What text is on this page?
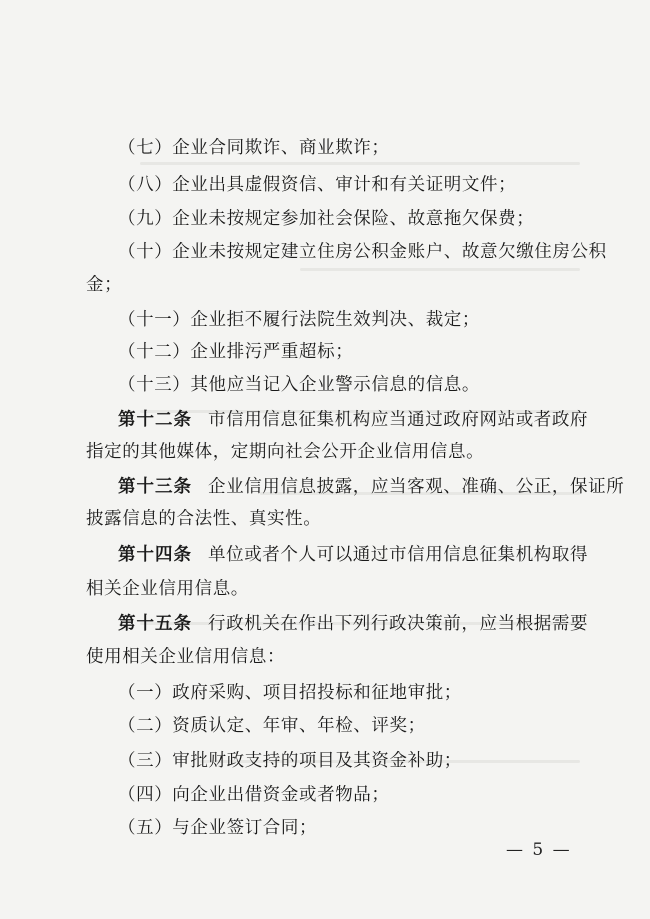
（七）企业合同欺诈、商业欺诈；
（八）企业出具虚假资信、审计和有关证明文件；
（九）企业未按规定参加社会保险、故意拖欠保费；
（十）企业未按规定建立住房公积金账户、故意欠缴住房公积
金；
（十一）企业拒不履行法院生效判决、裁定；
（十二）企业排污严重超标；
（十三）其他应当记入企业警示信息的信息。
第十二条 市信用信息征集机构应当通过政府网站或者政府
指定的其他媒体，定期向社会公开企业信用信息。
第十三条 企业信用信息披露，应当客观、准确、公正，保证所
披露信息的合法性、真实性。
第十四条 单位或者个人可以通过市信用信息征集机构取得
相关企业信用信息。
第十五条 行政机关在作出下列行政决策前，应当根据需要
使用相关企业信用信息：
（一）政府采购、项目招投标和征地审批；
（二）资质认定、年审、年检、评奖；
（三）审批财政支持的项目及其资金补助；
（四）向企业出借资金或者物品；
（五）与企业签订合同；
— 5 —
